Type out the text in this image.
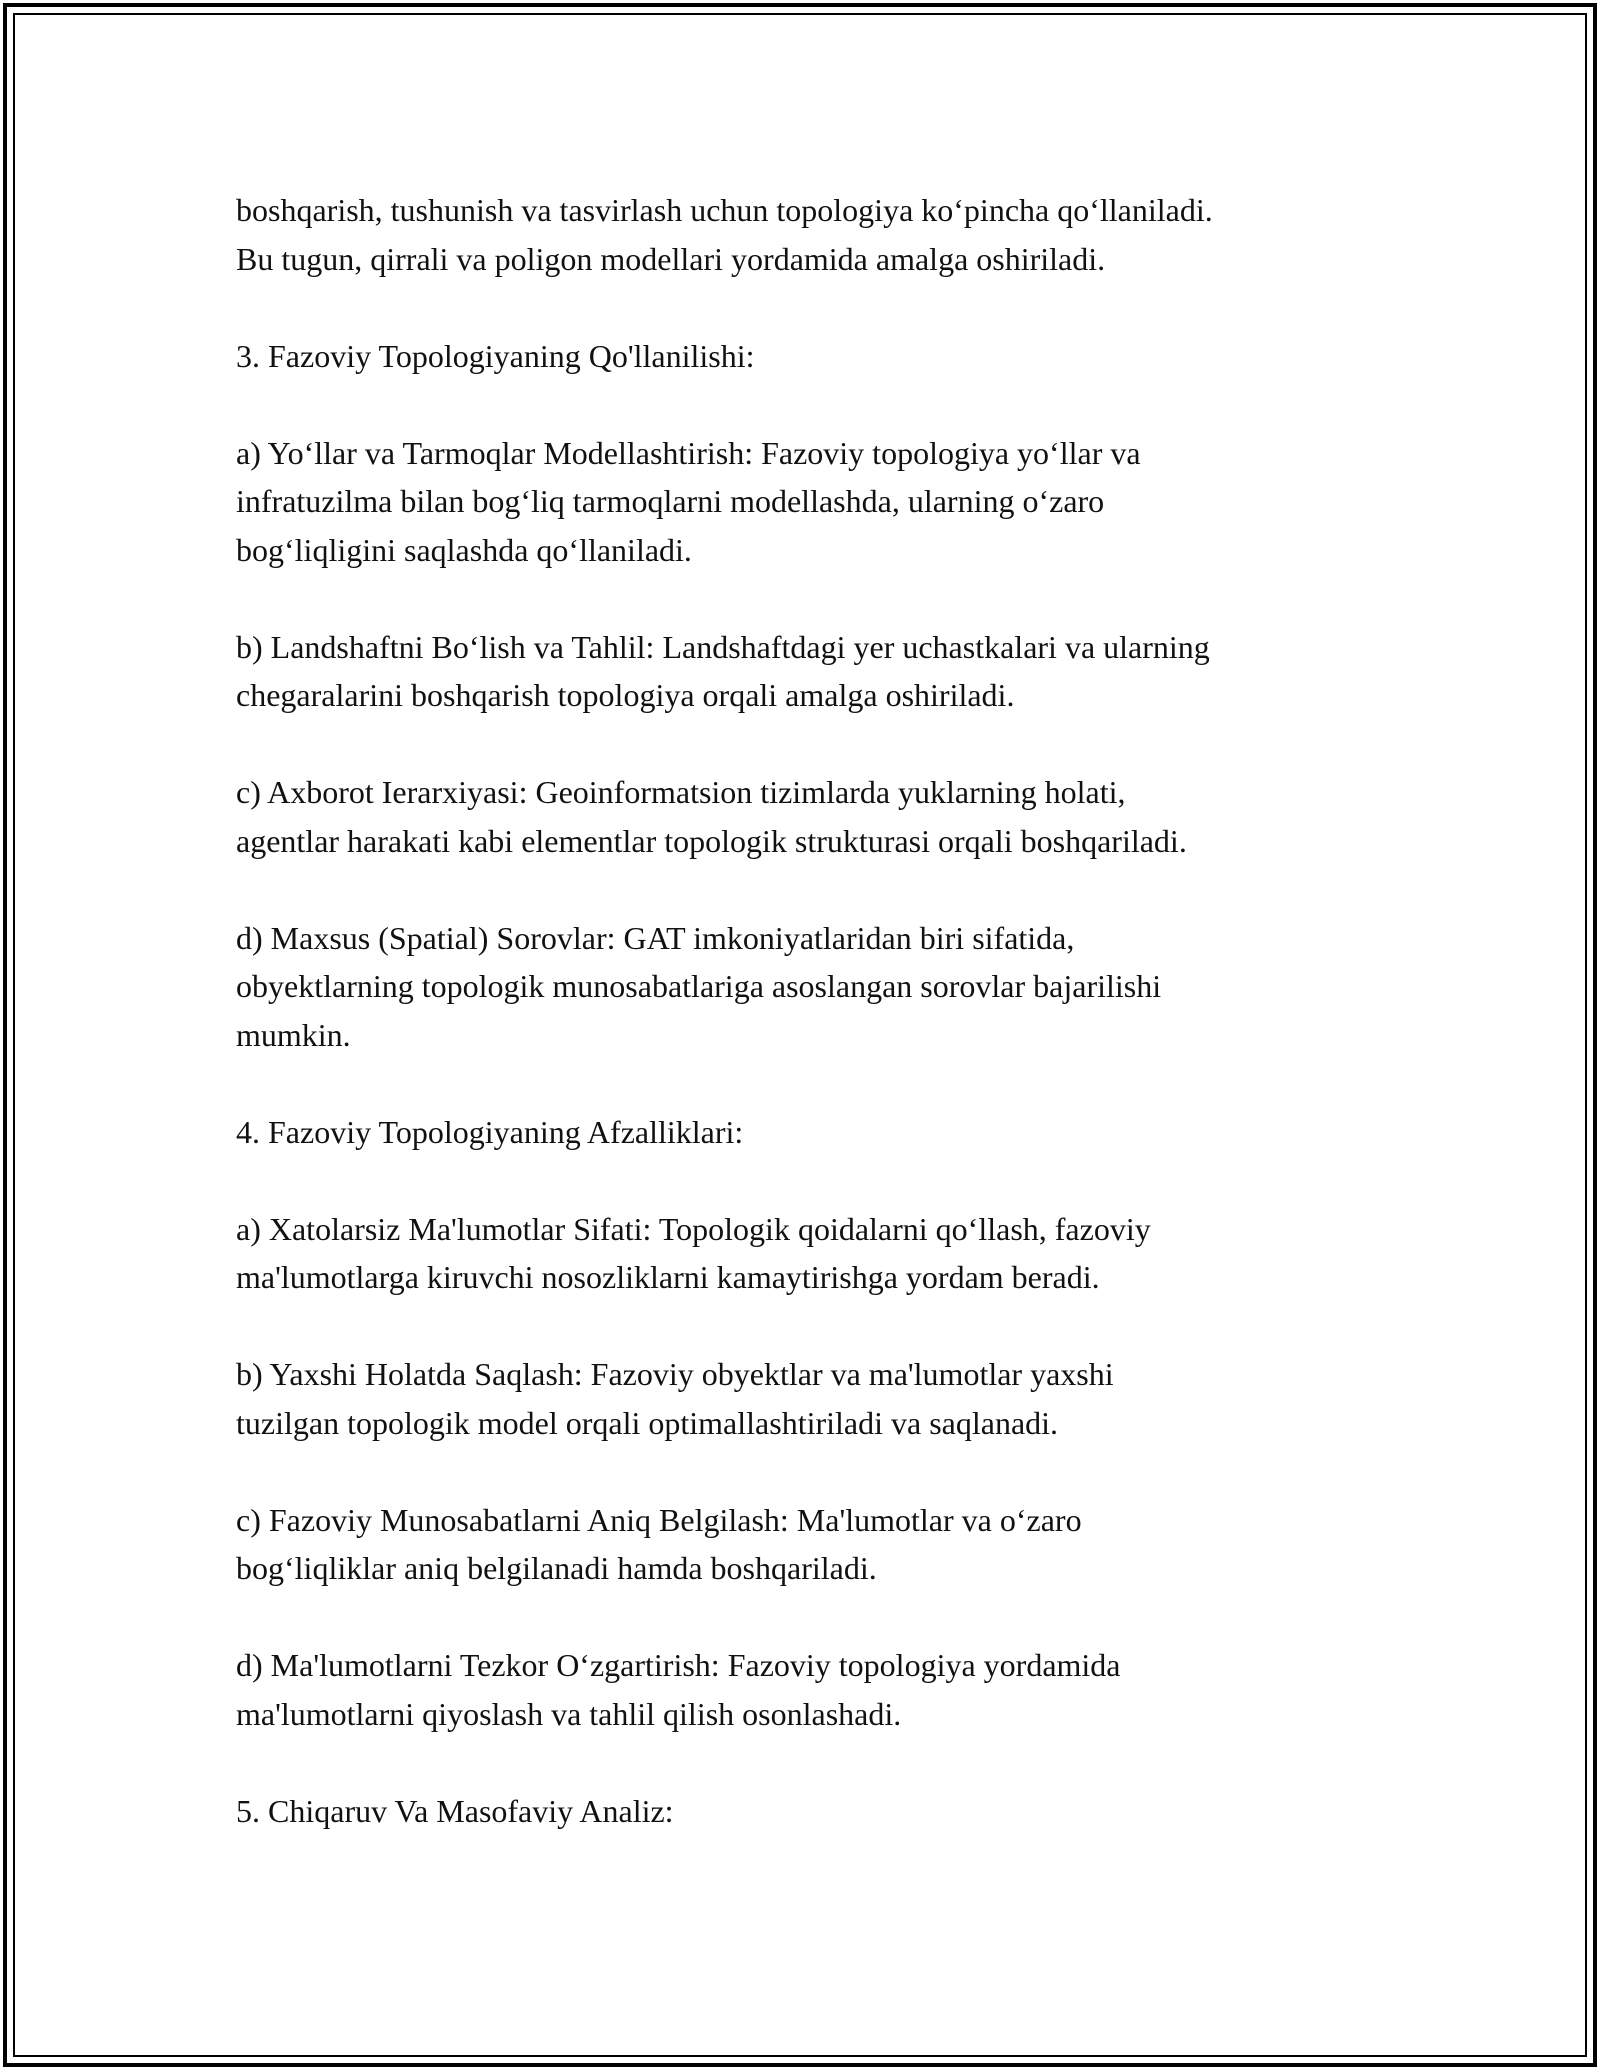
boshqarish, tushunish va tasvirlash uchun topologiya ko‘pincha qo‘llaniladi.
Bu tugun, qirrali va poligon modellari yordamida amalga oshiriladi.

3. Fazoviy Topologiyaning Qo'llanilishi:

a) Yo‘llar va Tarmoqlar Modellashtirish: Fazoviy topologiya yo‘llar va
infratuzilma bilan bog‘liq tarmoqlarni modellashda, ularning o‘zaro
bog‘liqligini saqlashda qo‘llaniladi.

b) Landshaftni Bo‘lish va Tahlil: Landshaftdagi yer uchastkalari va ularning
chegaralarini boshqarish topologiya orqali amalga oshiriladi.

c) Axborot Ierarxiyasi: Geoinformatsion tizimlarda yuklarning holati,
agentlar harakati kabi elementlar topologik strukturasi orqali boshqariladi.

d) Maxsus (Spatial) Sorovlar: GAT imkoniyatlaridan biri sifatida,
obyektlarning topologik munosabatlariga asoslangan sorovlar bajarilishi
mumkin.

4. Fazoviy Topologiyaning Afzalliklari:

a) Xatolarsiz Ma'lumotlar Sifati: Topologik qoidalarni qo‘llash, fazoviy
ma'lumotlarga kiruvchi nosozliklarni kamaytirishga yordam beradi.

b) Yaxshi Holatda Saqlash: Fazoviy obyektlar va ma'lumotlar yaxshi
tuzilgan topologik model orqali optimallashtiriladi va saqlanadi.

c) Fazoviy Munosabatlarni Aniq Belgilash: Ma'lumotlar va o‘zaro
bog‘liqliklar aniq belgilanadi hamda boshqariladi.

d) Ma'lumotlarni Tezkor O‘zgartirish: Fazoviy topologiya yordamida
ma'lumotlarni qiyoslash va tahlil qilish osonlashadi.

5. Chiqaruv Va Masofaviy Analiz:
